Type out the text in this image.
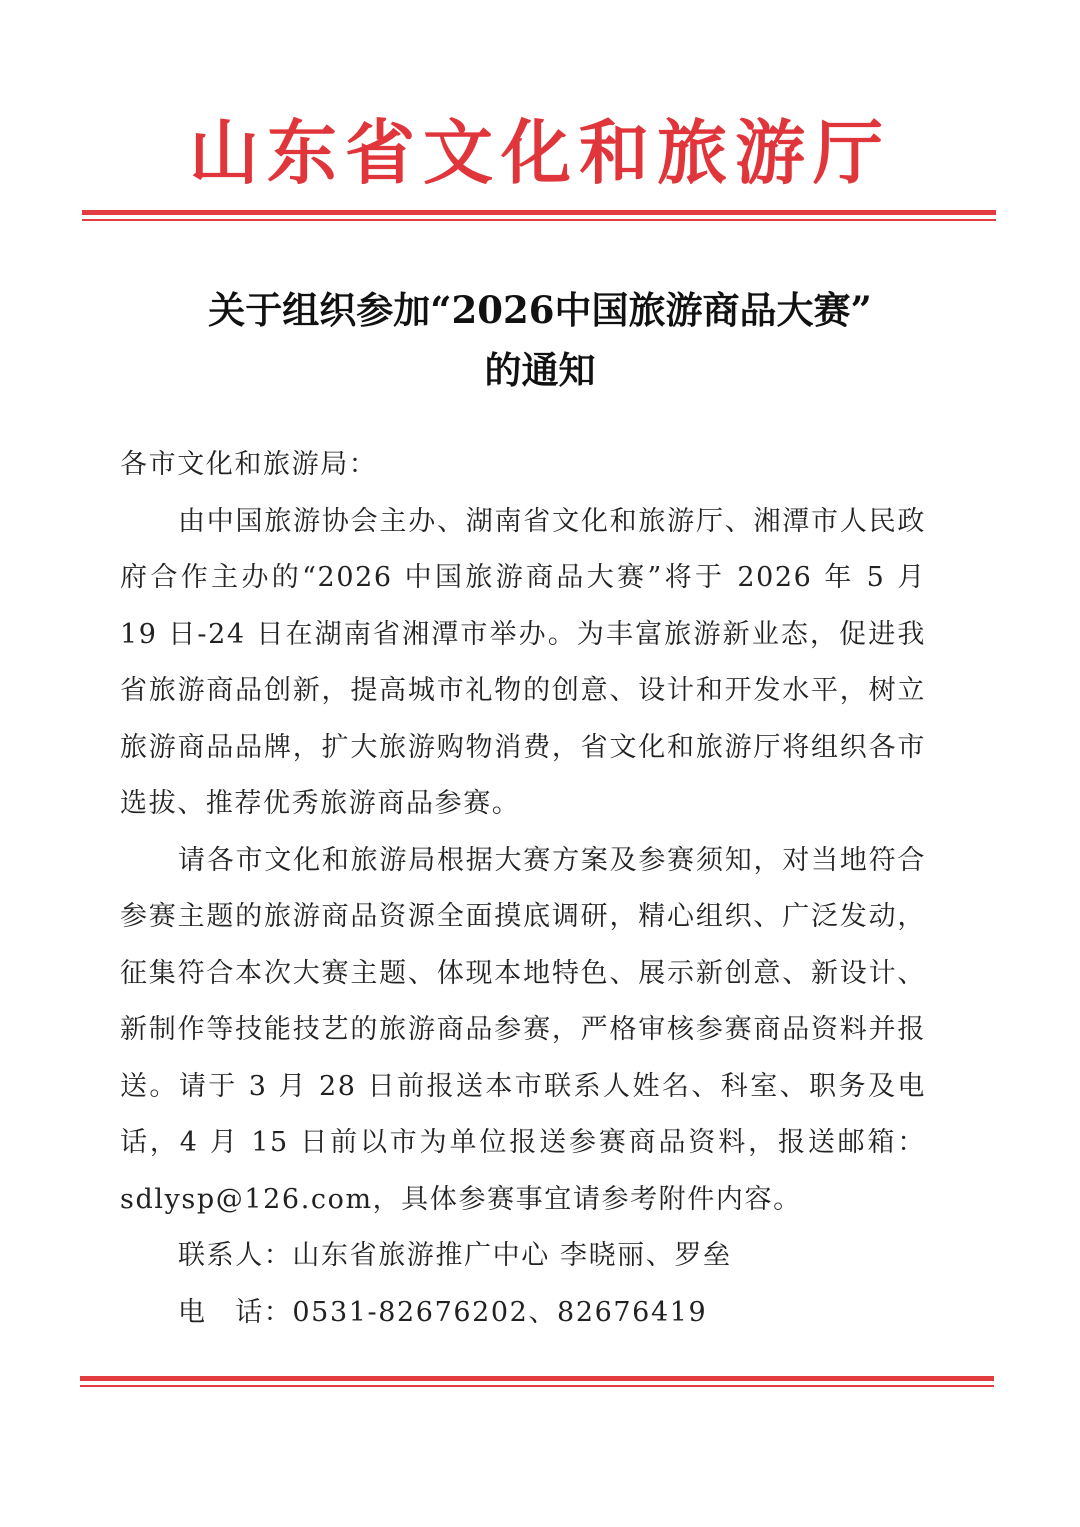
山东省文化和旅游厅
关于组织参加“2026中国旅游商品大赛”
的通知

各市文化和旅游局：

由中国旅游协会主办、湖南省文化和旅游厅、湘潭市人民政府合作主办的“2026 中国旅游商品大赛”将于 2026 年 5 月 19 日-24 日在湖南省湘潭市举办。为丰富旅游新业态，促进我省旅游商品创新，提高城市礼物的创意、设计和开发水平，树立旅游商品品牌，扩大旅游购物消费，省文化和旅游厅将组织各市选拔、推荐优秀旅游商品参赛。

请各市文化和旅游局根据大赛方案及参赛须知，对当地符合参赛主题的旅游商品资源全面摸底调研，精心组织、广泛发动，征集符合本次大赛主题、体现本地特色、展示新创意、新设计、新制作等技能技艺的旅游商品参赛，严格审核参赛商品资料并报送。请于 3 月 28 日前报送本市联系人姓名、科室、职务及电话，4 月 15 日前以市为单位报送参赛商品资料，报送邮箱：sdlysp@126.com，具体参赛事宜请参考附件内容。

联系人：山东省旅游推广中心 李晓丽、罗垒

电　话：0531-82676202、82676419
